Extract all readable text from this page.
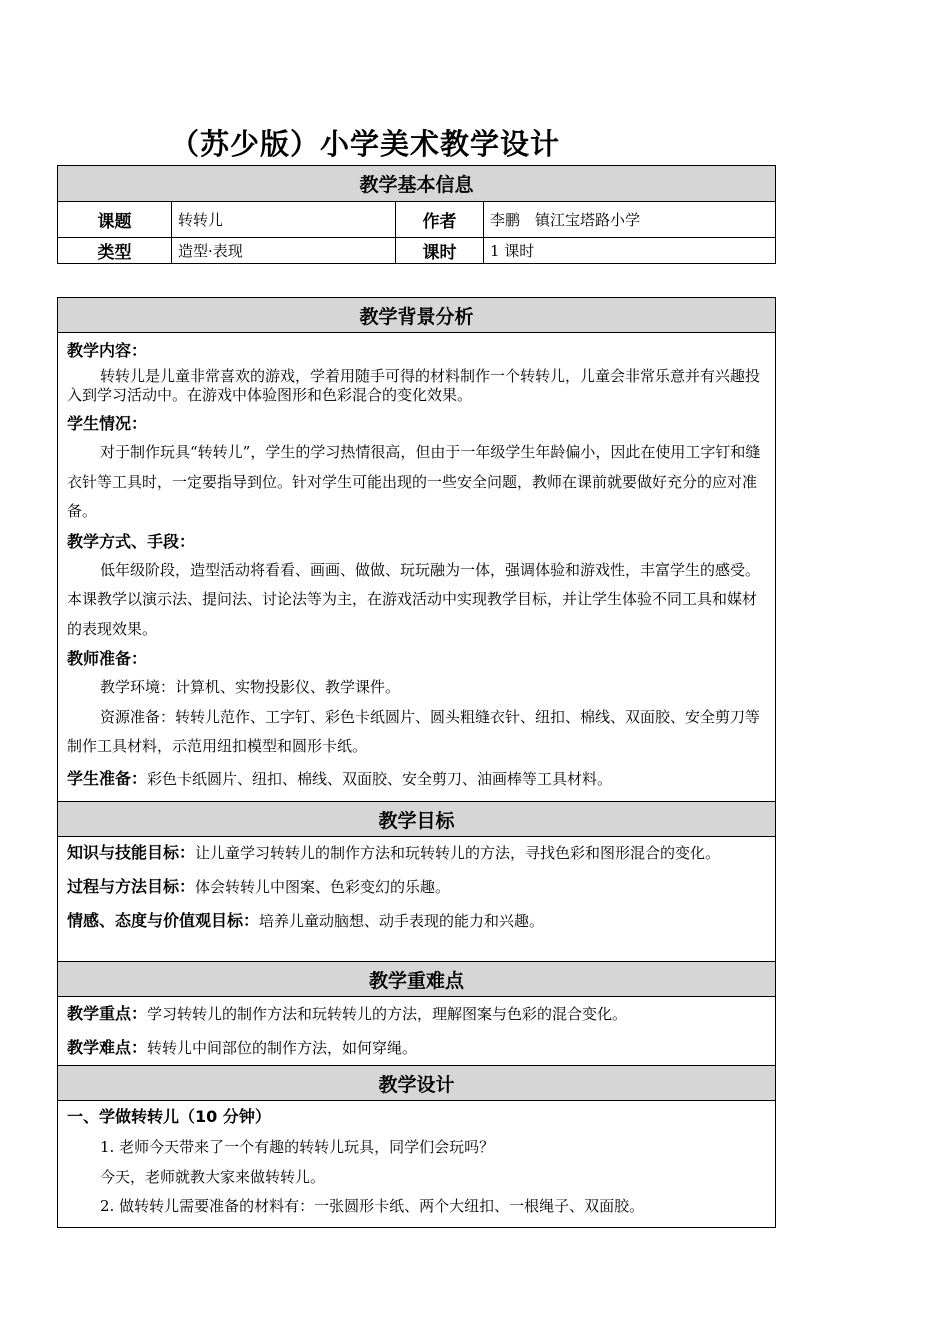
（苏少版）小学美术教学设计
教学基本信息			
课题	转转儿	作者	李鹏　镇江宝塔路小学
类型	造型·表现	课时	1 课时
教学背景分析

教学内容：
转转儿是儿童非常喜欢的游戏，学着用随手可得的材料制作一个转转儿，儿童会非常乐意并有兴趣投入到学习活动中。在游戏中体验图形和色彩混合的变化效果。
学生情况：
对于制作玩具“转转儿”，学生的学习热情很高，但由于一年级学生年龄偏小，因此在使用工字钉和缝衣针等工具时，一定要指导到位。针对学生可能出现的一些安全问题，教师在课前就要做好充分的应对准备。
教学方式、手段：
低年级阶段，造型活动将看看、画画、做做、玩玩融为一体，强调体验和游戏性，丰富学生的感受。本课教学以演示法、提问法、讨论法等为主，在游戏活动中实现教学目标，并让学生体验不同工具和媒材的表现效果。
教师准备：
教学环境：计算机、实物投影仪、教学课件。
资源准备：转转儿范作、工字钉、彩色卡纸圆片、圆头粗缝衣针、纽扣、棉线、双面胶、安全剪刀等制作工具材料，示范用纽扣模型和圆形卡纸。
学生准备：彩色卡纸圆片、纽扣、棉线、双面胶、安全剪刀、油画棒等工具材料。

教学目标

知识与技能目标：让儿童学习转转儿的制作方法和玩转转儿的方法，寻找色彩和图形混合的变化。
过程与方法目标：体会转转儿中图案、色彩变幻的乐趣。
情感、态度与价值观目标：培养儿童动脑想、动手表现的能力和兴趣。

教学重难点

教学重点：学习转转儿的制作方法和玩转转儿的方法，理解图案与色彩的混合变化。
教学难点：转转儿中间部位的制作方法，如何穿绳。

教学设计

一、学做转转儿（10 分钟）
1. 老师今天带来了一个有趣的转转儿玩具，同学们会玩吗？
今天，老师就教大家来做转转儿。
2. 做转转儿需要准备的材料有：一张圆形卡纸、两个大纽扣、一根绳子、双面胶。
